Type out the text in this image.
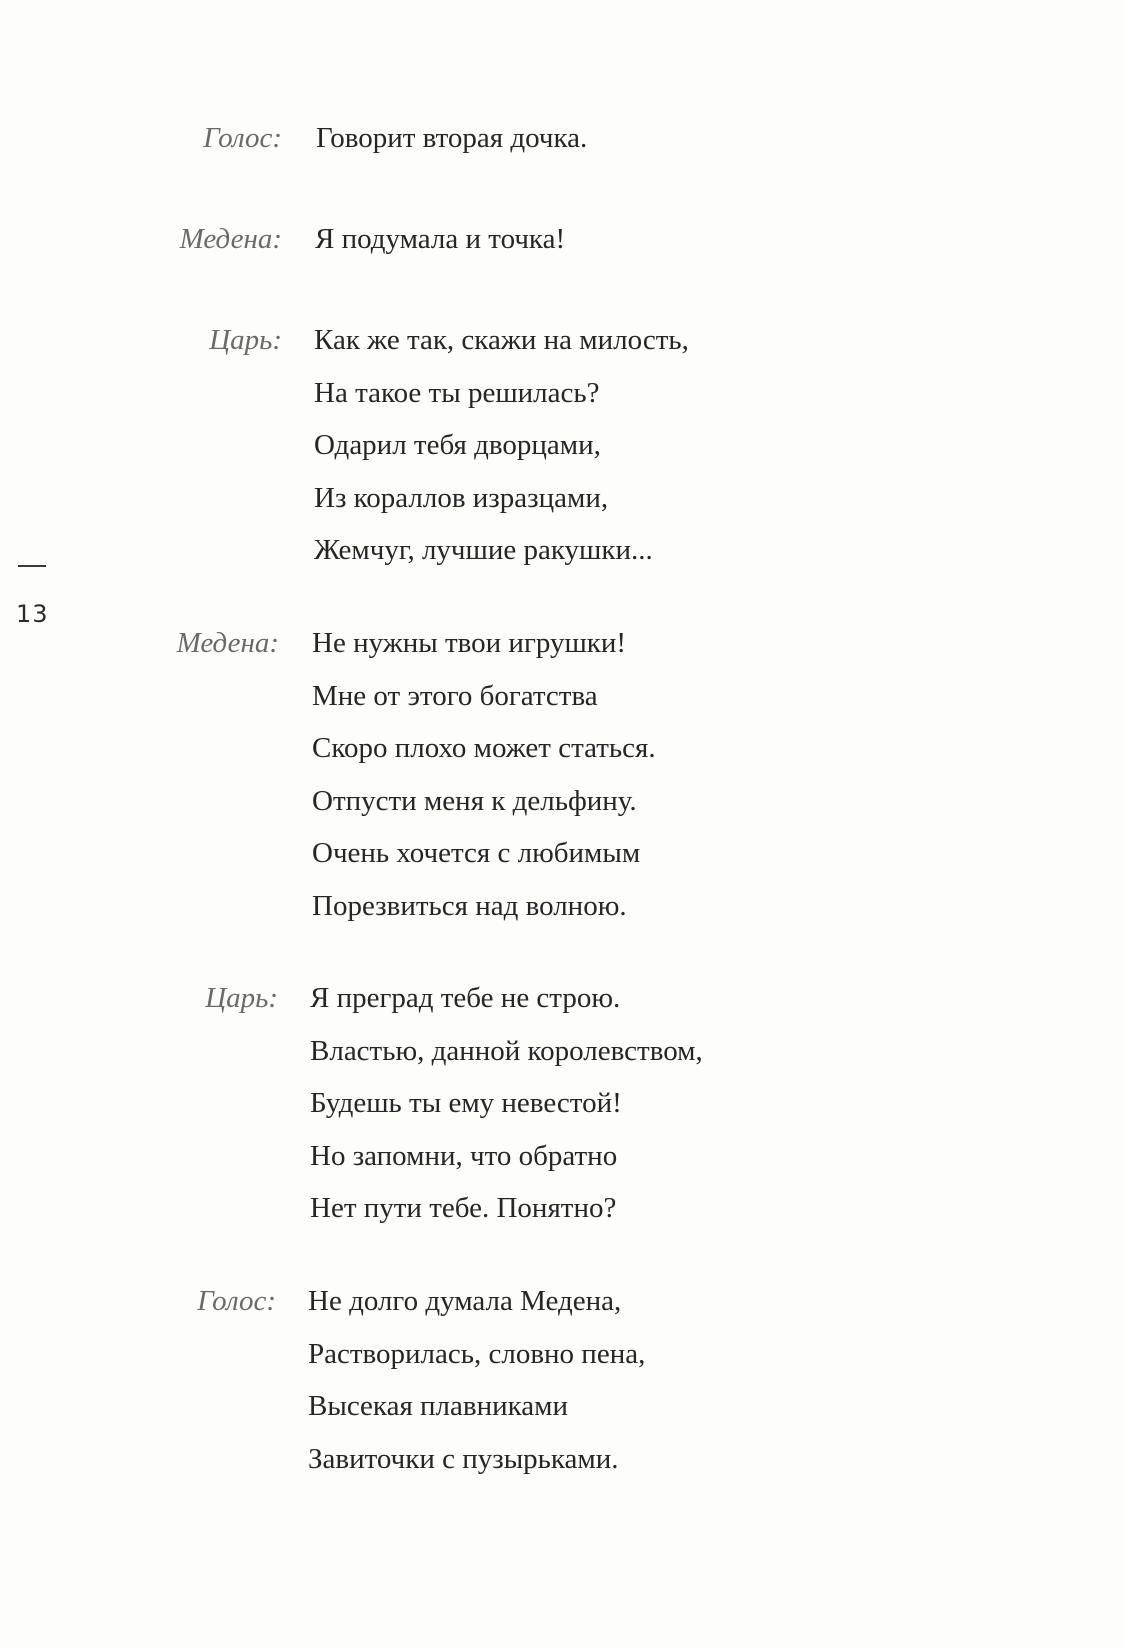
13
Голос: Говорит вторая дочка.
Медена: Я подумала и точка!
Царь: Как же так, скажи на милость,
На такое ты решилась?
Одарил тебя дворцами,
Из кораллов изразцами,
Жемчуг, лучшие ракушки...
Медена: Не нужны твои игрушки!
Мне от этого богатства
Скоро плохо может статься.
Отпусти меня к дельфину.
Очень хочется с любимым
Порезвиться над волною.
Царь: Я преград тебе не строю.
Властью, данной королевством,
Будешь ты ему невестой!
Но запомни, что обратно
Нет пути тебе. Понятно?
Голос: Не долго думала Медена,
Растворилась, словно пена,
Высекая плавниками
Завиточки с пузырьками.
